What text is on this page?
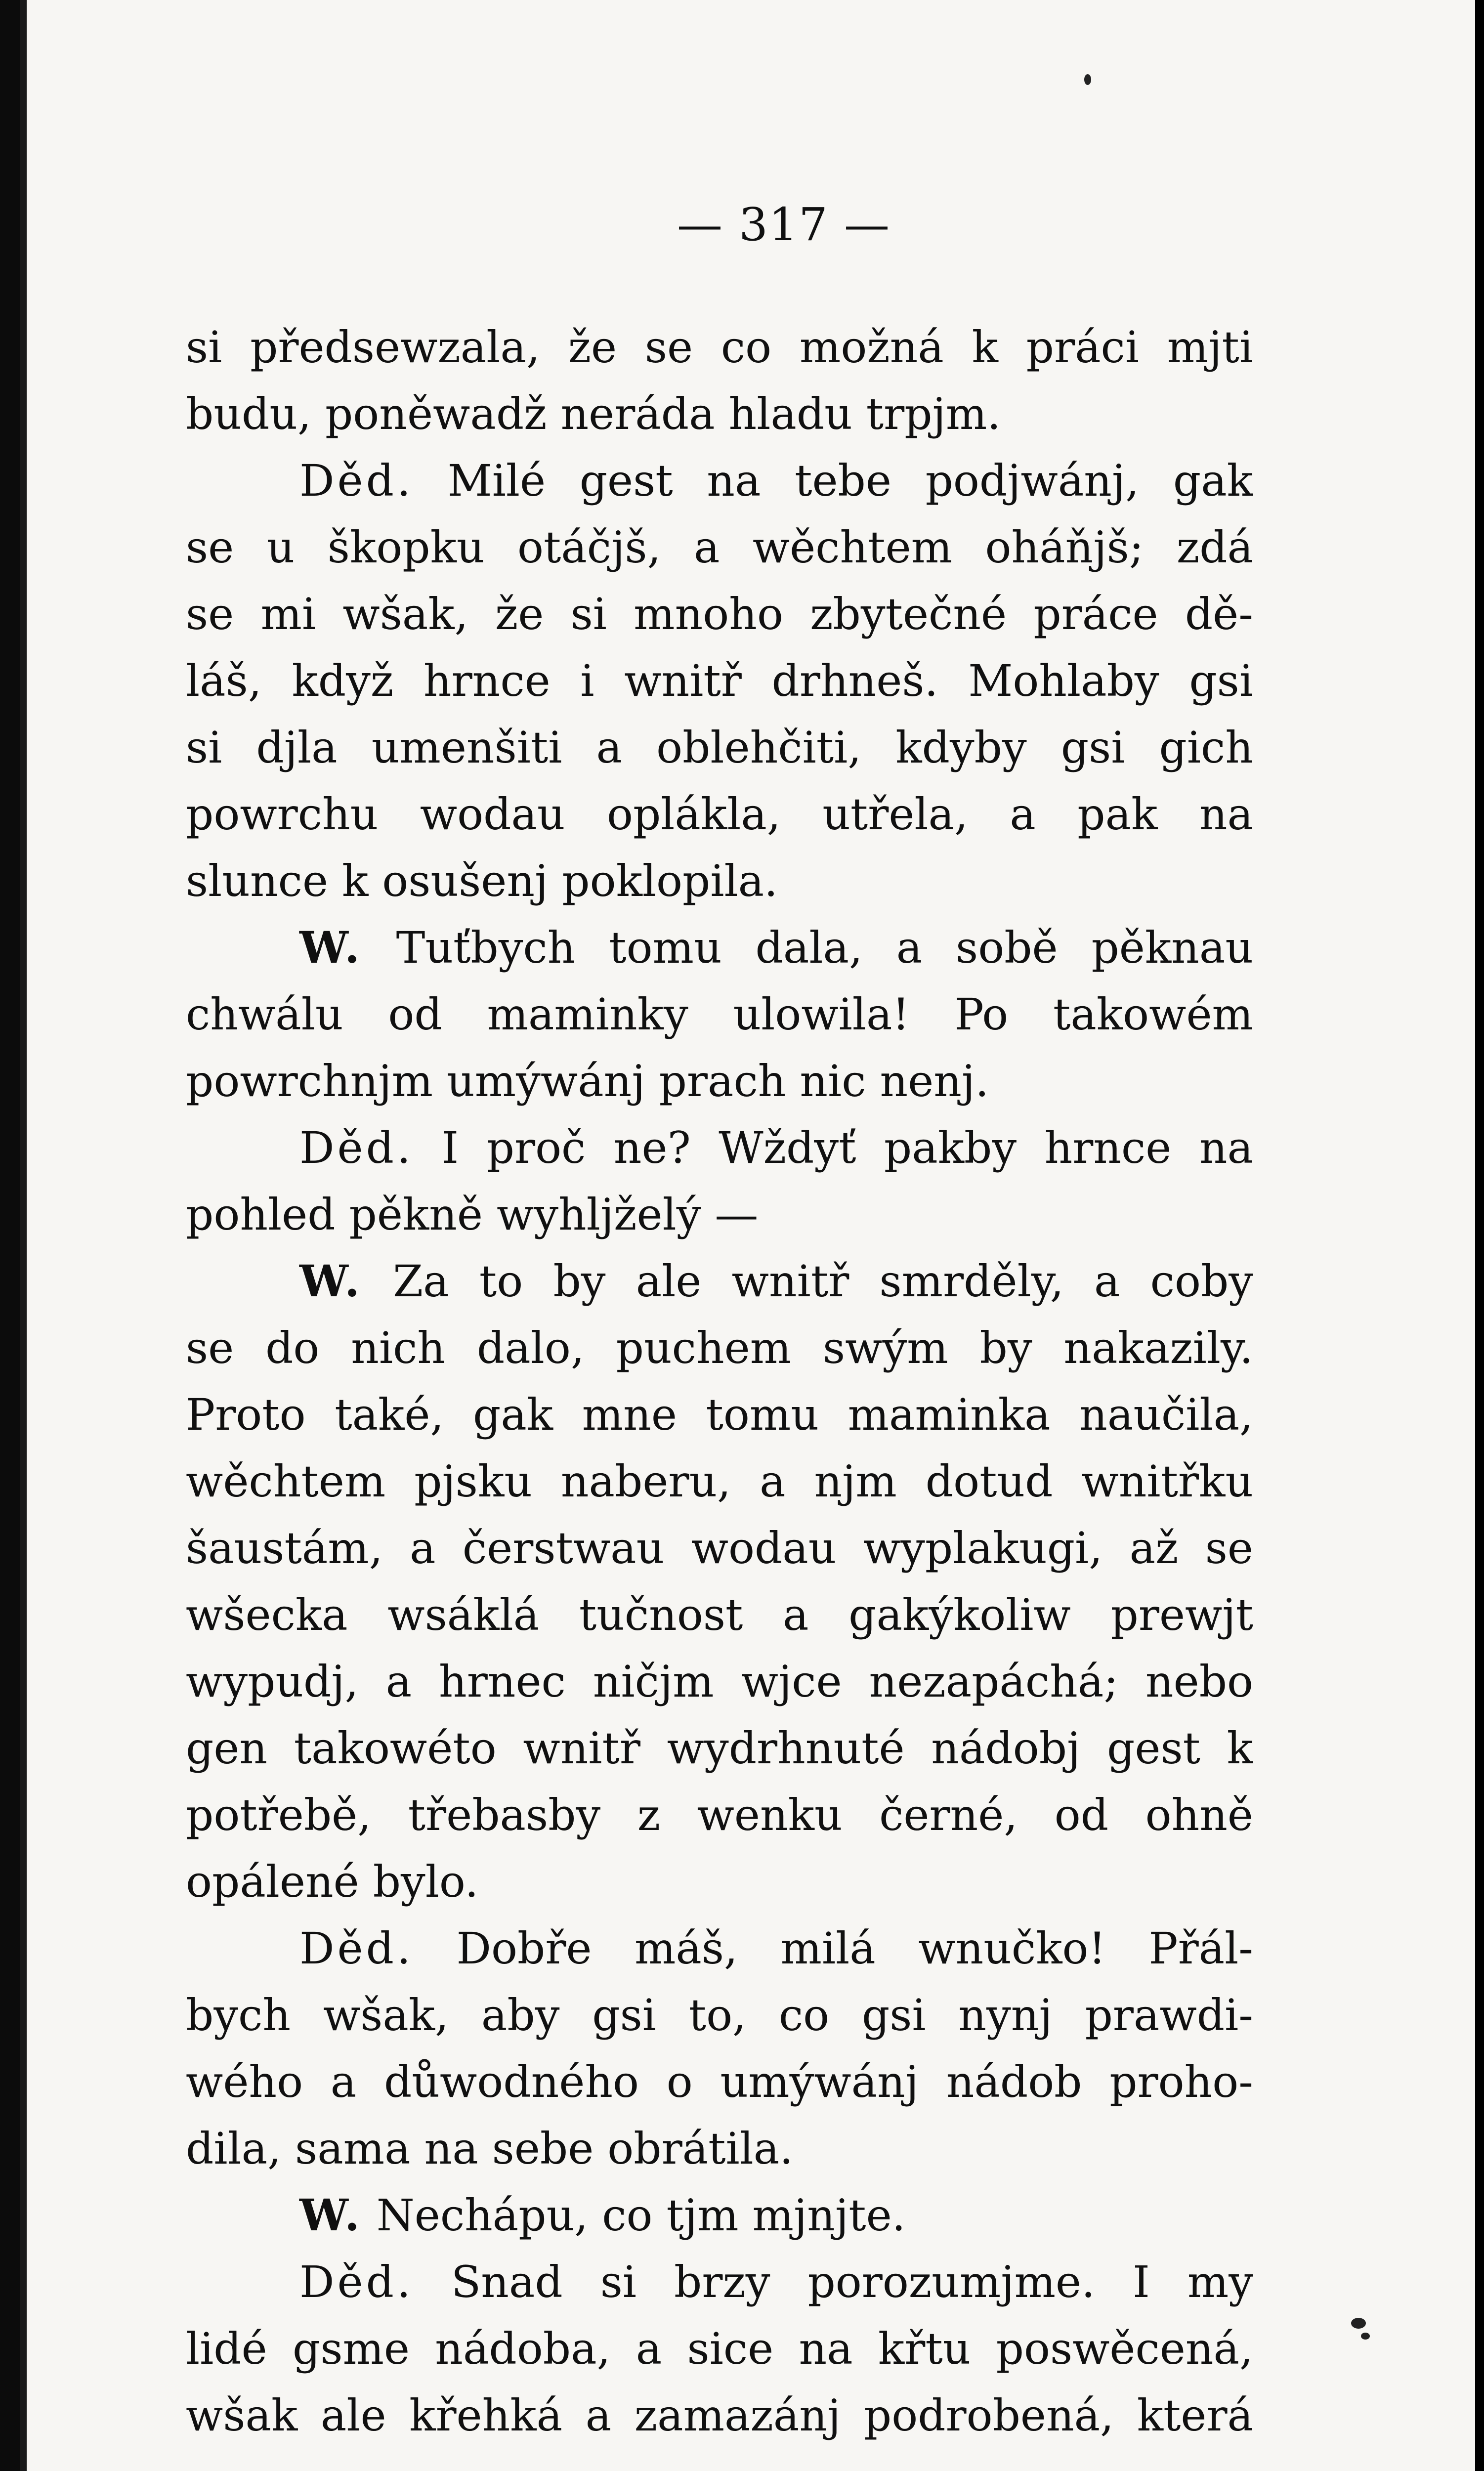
— 317 —

si předsewzala, že se co možná k práci mjti
budu, poněwadž neráda hladu trpjm.

Děd. Milé gest na tebe podjwánj, gak
se u škopku otáčjš, a wěchtem oháňjš; zdá
se mi wšak, že si mnoho zbytečné práce dě-
láš, když hrnce i wnitř drhneš. Mohlaby gsi
si djla umenšiti a oblehčiti, kdyby gsi gich
powrchu wodau oplákla, utřela, a pak na
slunce k osušenj poklopila.

W. Tuťbych tomu dala, a sobě pěknau
chwálu od maminky ulowila! Po takowém
powrchnjm umýwánj prach nic nenj.

Děd. I proč ne? Wždyť pakby hrnce na
pohled pěkně wyhljželý —

W. Za to by ale wnitř smrděly, a coby
se do nich dalo, puchem swým by nakazily.
Proto také, gak mne tomu maminka naučila,
wěchtem pjsku naberu, a njm dotud wnitřku
šaustám, a čerstwau wodau wyplakugi, až se
wšecka wsáklá tučnost a gakýkoliw prewjt
wypudj, a hrnec ničjm wjce nezapáchá; nebo
gen takowéto wnitř wydrhnuté nádobj gest k
potřebě, třebasby z wenku černé, od ohně
opálené bylo.

Děd. Dobře máš, milá wnučko! Přál-
bych wšak, aby gsi to, co gsi nynj prawdi-
wého a důwodného o umýwánj nádob proho-
dila, sama na sebe obrátila.

W. Nechápu, co tjm mjnjte.

Děd. Snad si brzy porozumjme. I my
lidé gsme nádoba, a sice na křtu poswěcená,
wšak ale křehká a zamazánj podrobená, která
